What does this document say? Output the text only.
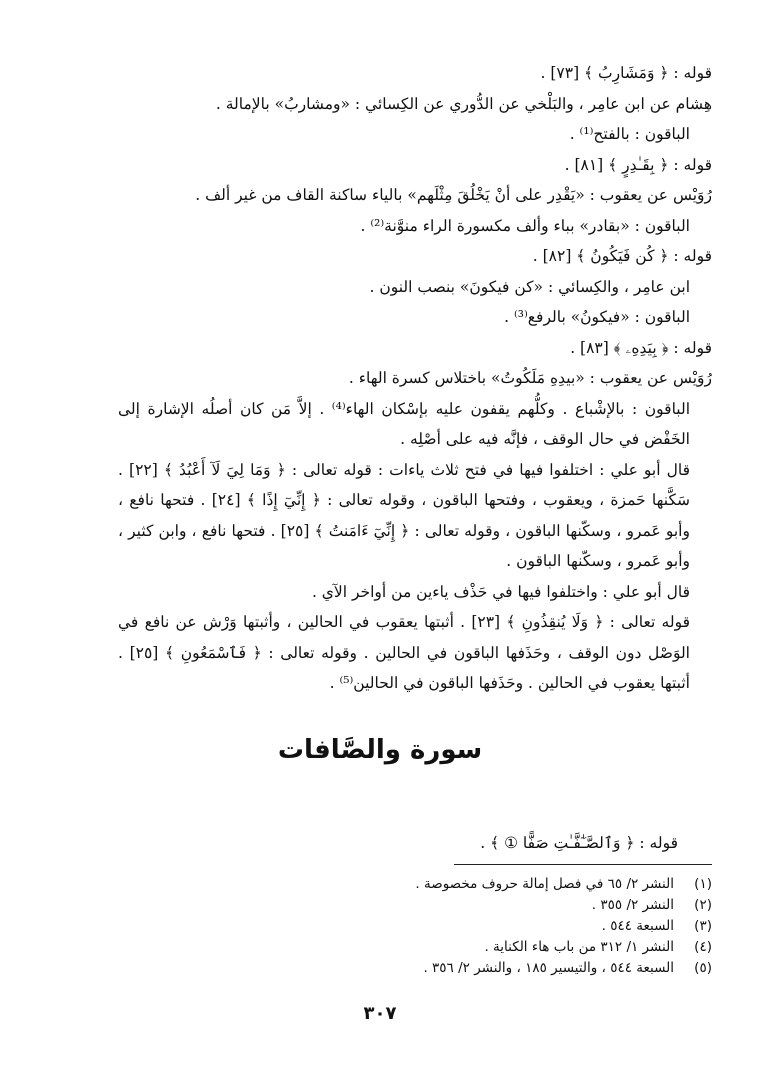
قوله : ﴿ وَمَشَارِبُ ﴾ [٧٣] .

هِشام عن ابن عامِر ، والبَلْخي عن الدُّوري عن الكِسائي : «ومشاربُ» بالإمالة .

الباقون : بالفتح⁽¹⁾ .

قوله : ﴿ بِقَـٰدِرٍ ﴾ [٨١] .

رُوَيْس عن يعقوب : «يَقْدِر على أنْ يَخْلُقَ مِثْلَهم» بالياء ساكنة القاف من غير ألف .

الباقون : «بقادر» بباء وألف مكسورة الراء منوَّنة⁽²⁾ .

قوله : ﴿ كُن فَيَكُونُ ﴾ [٨٢] .

ابن عامِر ، والكِسائي : «كن فيكونَ» بنصب النون .

الباقون : «فيكونُ» بالرفع⁽³⁾ .

قوله : ﴿ بِيَدِهِۦ ﴾ [٨٣] .

رُوَيْس عن يعقوب : «بيدِهِ مَلَكُوتُ» باختلاس كسرة الهاء .

الباقون : بالإشْباع . وكلُّهم يقفون عليه بإسْكان الهاء⁽⁴⁾ . إلاَّ مَن كان أصلُه الإشارة إلى الخَفْض في حال الوقف ، فإنَّه فيه على أصْلِه .

قال أبو علي : اختلفوا فيها في فتح ثلاث ياءات : قوله تعالى : ﴿ وَمَا لِيَ لَآ أَعْبُدُ ﴾ [٢٢] . سَكَّنها حَمزة ، ويعقوب ، وفتحها الباقون ، وقوله تعالى : ﴿ إِنِّيٓ إِذًا ﴾ [٢٤] . فتحها نافع ، وأبو عَمرو ، وسكّنها الباقون ، وقوله تعالى : ﴿ إِنِّيٓ ءَامَنتُ ﴾ [٢٥] . فتحها نافع ، وابن كثير ، وأبو عَمرو ، وسكّنها الباقون .

قال أبو علي : واختلفوا فيها في حَذْف ياءين من أواخر الآي .

قوله تعالى : ﴿ وَلَا يُنقِذُونِ ﴾ [٢٣] . أثبتها يعقوب في الحالين ، وأثبتها وَرْش عن نافع في الوَصْل دون الوقف ، وحَذَفها الباقون في الحالين . وقوله تعالى : ﴿ فَٱسْمَعُونِ ﴾ [٢٥] . أثبتها يعقوب في الحالين . وحَذَفها الباقون في الحالين⁽⁵⁾ .

سورة والصَّافات
قوله : ﴿ وَٱلصَّـٰٓفَّـٰتِ صَفًّا ① ﴾ .
(١)
النشر ٢/ ٦٥ في فصل إمالة حروف مخصوصة .
(٢)
النشر ٢/ ٣٥٥ .
(٣)
السبعة ٥٤٤ .
(٤)
النشر ١/ ٣١٢ من باب هاء الكناية .
(٥)
السبعة ٥٤٤ ، والتيسير ١٨٥ ، والنشر ٢/ ٣٥٦ .
٣٠٧
